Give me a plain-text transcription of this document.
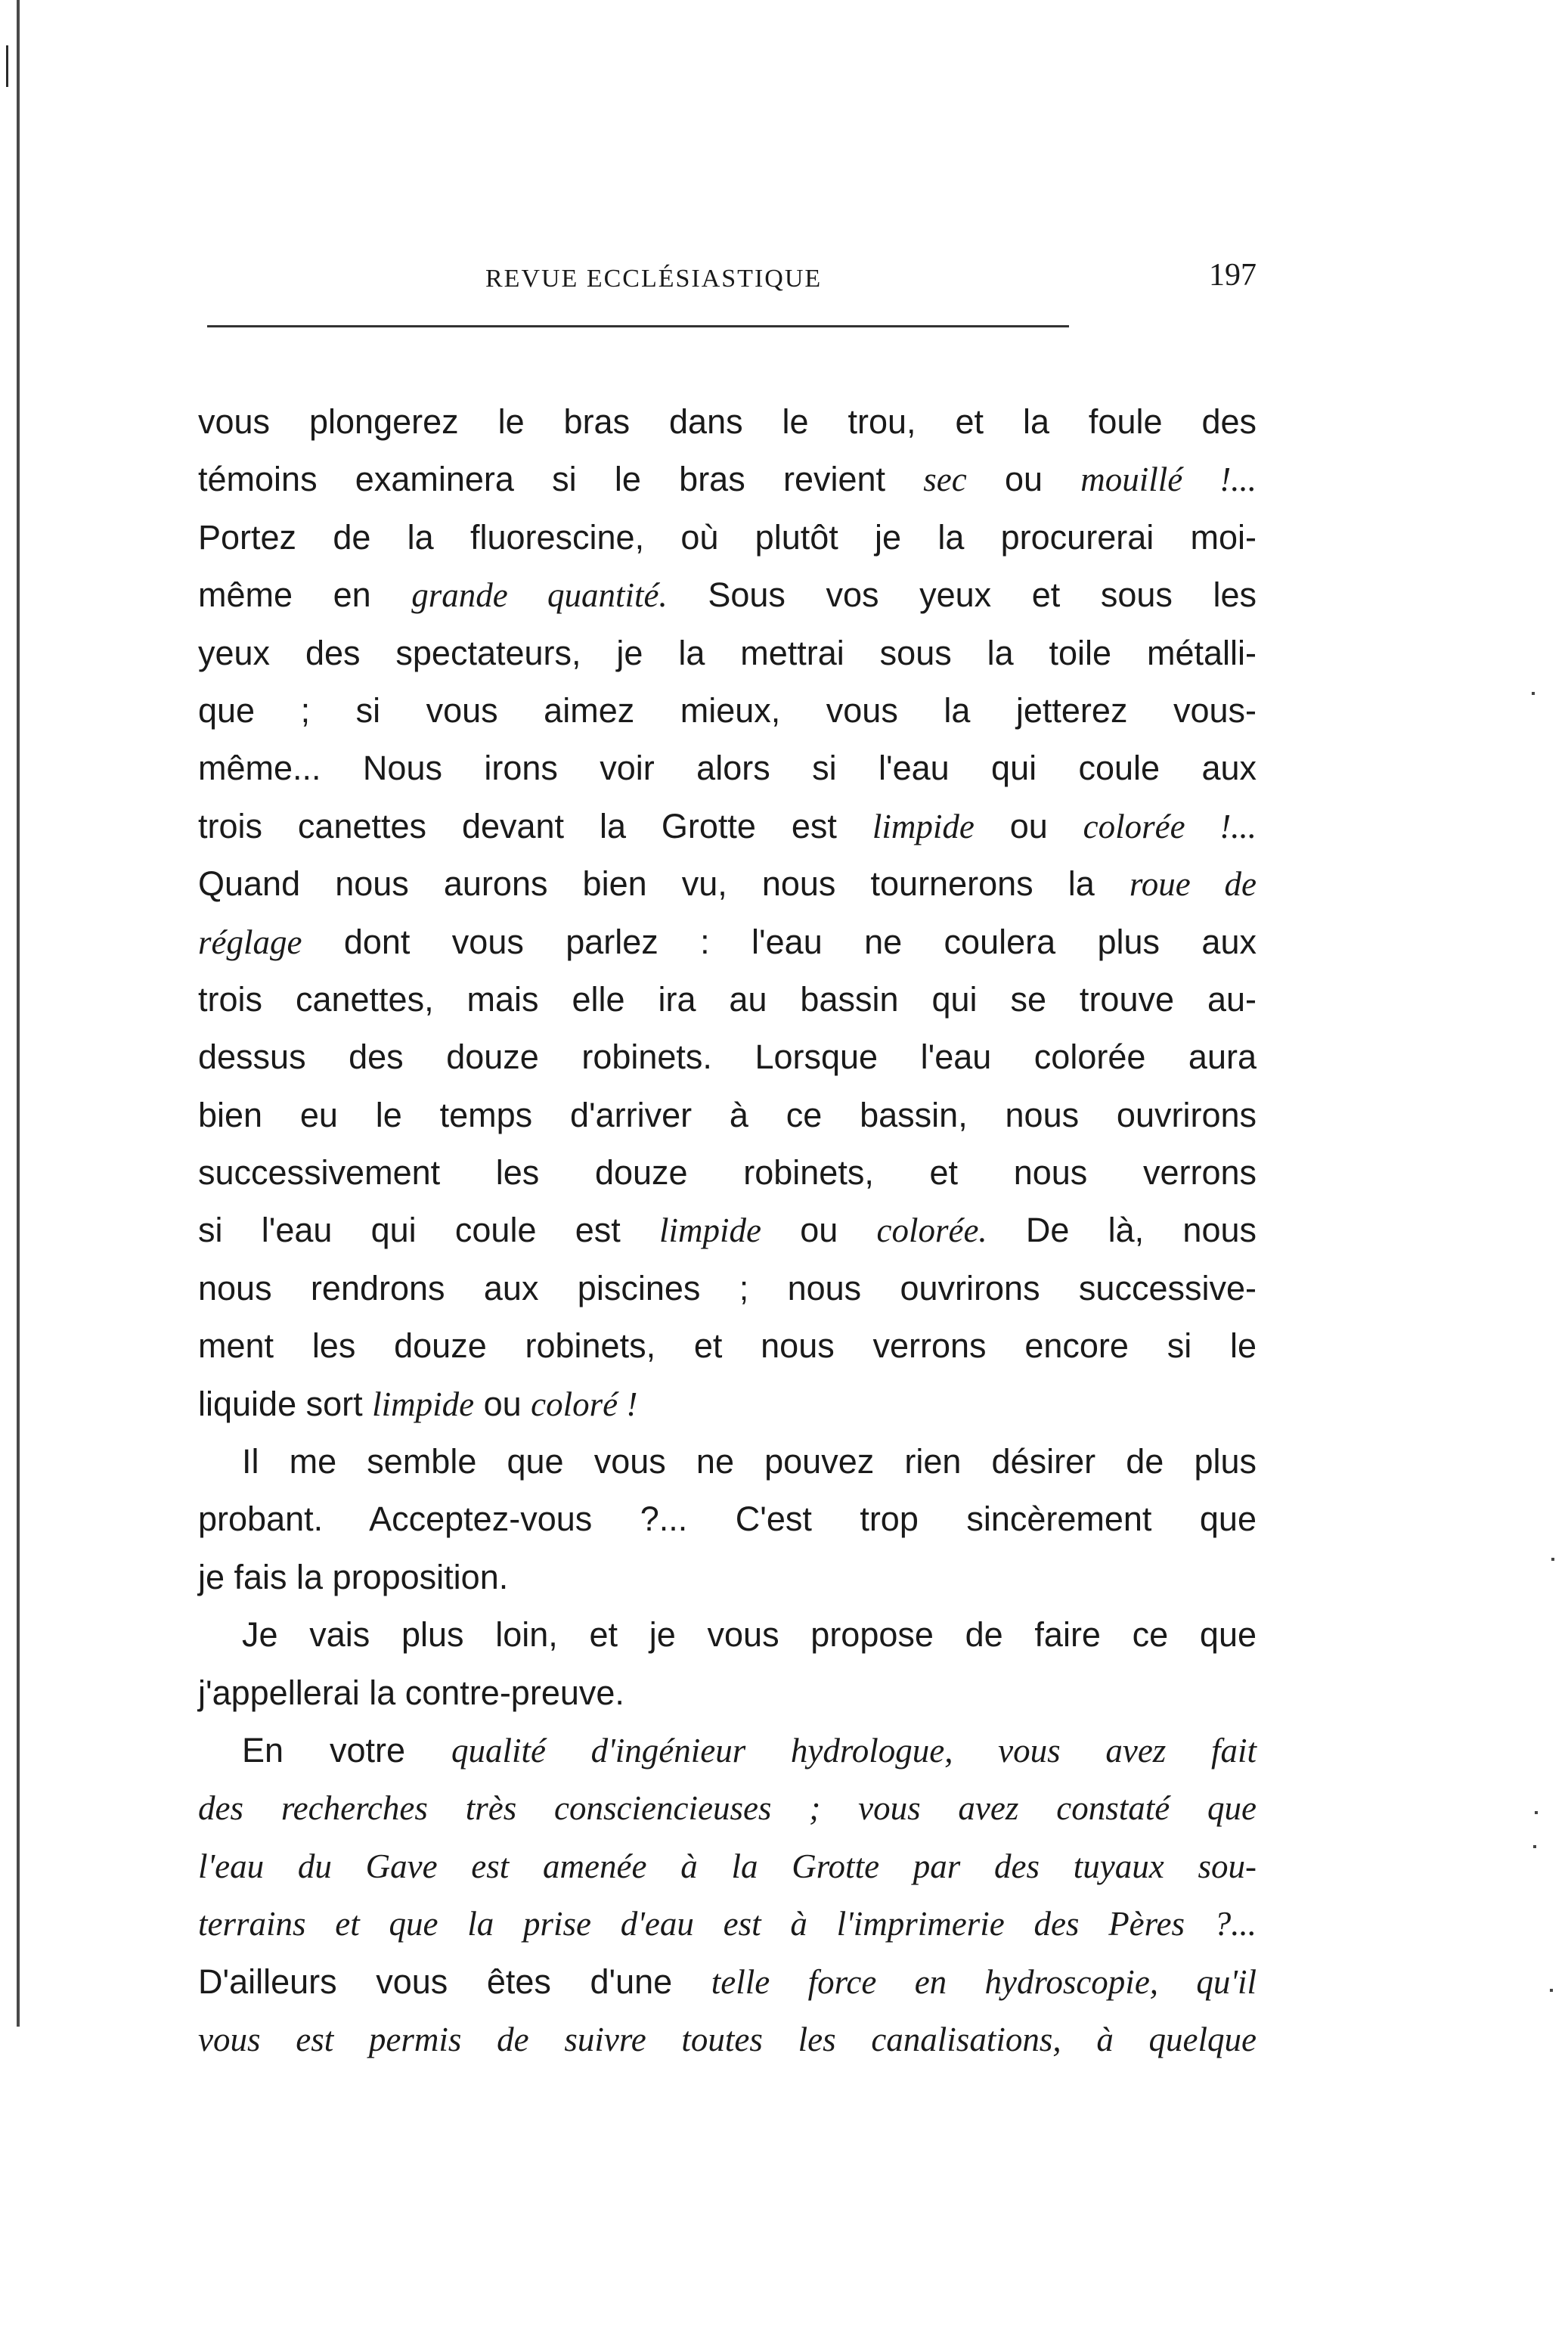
REVUE ECCLÉSIASTIQUE	197
vous plongerez le bras dans le trou, et la foule des
témoins examinera si le bras revient sec ou mouillé !...
Portez de la fluorescine, où plutôt je la procurerai moi-
même en grande quantité. Sous vos yeux et sous les
yeux des spectateurs, je la mettrai sous la toile métalli-
que ; si vous aimez mieux, vous la jetterez vous-
même... Nous irons voir alors si l'eau qui coule aux
trois canettes devant la Grotte est limpide ou colorée !...
Quand nous aurons bien vu, nous tournerons la roue de
réglage dont vous parlez : l'eau ne coulera plus aux
trois canettes, mais elle ira au bassin qui se trouve au-
dessus des douze robinets. Lorsque l'eau colorée aura
bien eu le temps d'arriver à ce bassin, nous ouvrirons
successivement les douze robinets, et nous verrons
si l'eau qui coule est limpide ou colorée. De là, nous
nous rendrons aux piscines ; nous ouvrirons successive-
ment les douze robinets, et nous verrons encore si le
liquide sort limpide ou coloré !
Il me semble que vous ne pouvez rien désirer de plus
probant. Acceptez-vous ?... C'est trop sincèrement que
je fais la proposition.
Je vais plus loin, et je vous propose de faire ce que
j'appellerai la contre-preuve.
En votre qualité d'ingénieur hydrologue, vous avez fait
des recherches très consciencieuses ; vous avez constaté que
l'eau du Gave est amenée à la Grotte par des tuyaux sou-
terrains et que la prise d'eau est à l'imprimerie des Pères ?...
D'ailleurs vous êtes d'une telle force en hydroscopie, qu'il
vous est permis de suivre toutes les canalisations, à quelque
